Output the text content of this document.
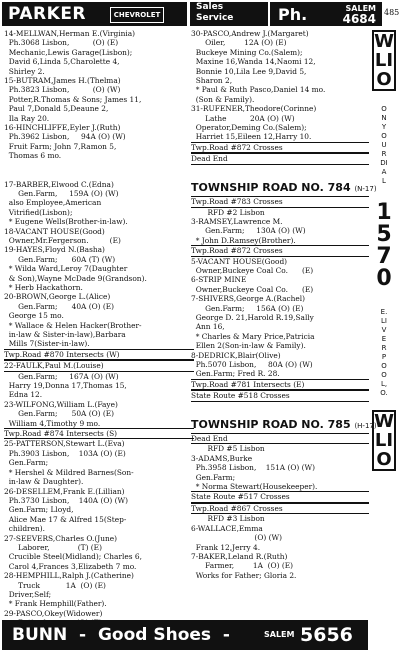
PARKER	CHEVROLET
Sales
Service	Ph.	SALEM
4684 485
14-MELLWAN,Herman E.(Virginia)
Ph.3068 Lisbon,          (O) (E)
Mechanic,Lewis Garage(Lisbon);
David 6,Linda 5,Charolette 4,
Shirley 2.
15-BUTRAM,James H.(Thelma)
Ph.3823 Lisbon,          (O) (W)
Potter,R.Thomas & Sons; James 11,
Paul 7,Donald 5,Deaune 2,
Ila Ray 20.
16-HINCHLIFFE,Eyler J.(Ruth)
Ph.3962 Lisbon,     94A (O) (W)
Fruit Farm; John 7,Ramon 5,
Thomas 6 mo.

17-BARBER,Elwood C.(Edna)
Gen.Farm,     159A (O) (W)
also Employee,American
Vitrified(Lisbon);
* Eugene Wells(Brother-in-law).
18-VACANT HOUSE(Good)
Owner,Mr.Fergerson.         (E)
19-HAYES,Floyd N.(Basha)
Gen.Farm;      60A (T) (W)
* Wilda Ward,Leroy 7(Daughter
& Son),Wayne McDade 9(Grandson).
* Herb Hackathorn.
20-BROWN,George L.(Alice)
Gen.Farm;      40A (O) (E)
George 15 mo.
* Wallace & Helen Hacker(Brother-
in-law & Sister-in-law),Barbara
Mills 7(Sister-in-law).
Twp.Road #870 Intersects (W)
22-FAULK,Paul M.(Louise)
Gen.Farm;     167A (O) (W)
Harry 19,Donna 17,Thomas 15,
Edna 12.
23-WILFONG,William L.(Faye)
Gen.Farm;      50A (O) (E)
William 4,Timothy 9 mo.
Twp.Road #874 Intersects (S)
25-PATTERSON,Stewart L.(Eva)
Ph.3903 Lisbon,    103A (O) (E)
Gen.Farm;
* Hershel & Mildred Barnes(Son-
in-law & Daughter).
26-DESELLEM,Frank E.(Lillian)
Ph.3730 Lisbon,    140A (O) (W)
Gen.Farm; Lloyd,
Alice Mae 17 & Alfred 15(Step-
children).
27-SEEVERS,Charles O.(June)
Laborer,            (T) (E)
Crucible Steel(Midland); Charles 6,
Carol 4,Frances 3,Elizabeth 7 mo.
28-HEMPHILL,Ralph J.(Catherine)
Truck           1A  (O) (E)
Driver,Self;
* Frank Hemphill(Father).
29-PASCO,Okey(Widower)
30-PASCO,Andrew J.(Margaret)
Oiler,        12A (O) (E)
Buckeye Mining Co.(Salem);
Maxine 16,Wanda 14,Naomi 12,
Bonnie 10,Lila Lee 9,David 5,
Sharon 2,
* Paul & Ruth Pasco,Daniel 14 mo.
(Son & Family).
31-RUFENER,Theodore(Corinne)
Lathe          20A (O) (W)
Operator,Deming Co.(Salem);
Harriet 15,Eileen 12,Harry 10.
Twp.Road #872 Crosses
Dead End
TOWNSHIP ROAD NO. 784 (N-17)
Twp.Road #783 Crosses
RFD #2 Lisbon
3-RAMSEY,Lawrence M.
Gen.Farm;     130A (O) (W)
* John D.Ramsey(Brother).
Twp.Road #872 Crosses
5-VACANT HOUSE(Good)
Owner,Buckeye Coal Co.      (E)
6-STRIP MINE
Owner,Buckeye Coal Co.      (E)
7-SHIVERS,George A.(Rachel)
Gen.Farm;     156A (O) (E)
George D. 21,Harold R.19,Sally
Ann 16,
* Charles & Mary Price,Patricia
Ellen 2(Son-in-law & Family).
8-DEDRICK,Blair(Olive)
Ph.5070 Lisbon,     80A (O) (W)
Gen.Farm; Fred R. 28.
Twp.Road #781 Intersects (E)
State Route #518 Crosses
TOWNSHIP ROAD NO. 785 (H-17)
Dead End
RFD #5 Lisbon
3-ADAMS,Burke
Ph.3958 Lisbon,    151A (O) (W)
Gen.Farm;
* Norma Stewart(Housekeeper).
State Route #517 Crosses
Twp.Road #867 Crosses
RFD #3 Lisbon
6-WALLACE,Emma
(O) (W)
Frank 12,Jerry 4.
7-BAKER,Leland R.(Ruth)
Farmer,        1A  (O) (E)
Works for Father; Gloria 2.
WLIO
ON YOUR DIAL
1570
E. LIVERPOOL, O.
WLIO
BUNN  -  Good Shoes  -	SALEM 5656
